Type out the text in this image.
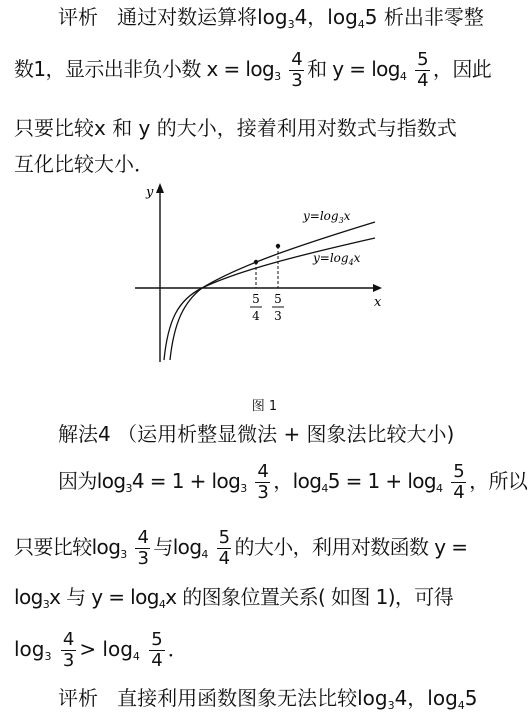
评析 通过对数运算将$\log_34$，$\log_45$ 析出非零整
数1，显示出非负小数 $x = \log_3 \frac{4}{3}$ 和 $y = \log_4 \frac{5}{4}$ ，因此
只要比较x 和 y 的大小，接着利用对数式与指数式
互化比较大小．
y
x
$y=\log_3x$
$y=\log_4x$
5
4
5
3
图 1
解法4 （运用析整显微法 + 图象法比较大小)
因为$\log_34 = 1 + \log_3 \frac{4}{3}$ ，$\log_45 = 1 + \log_4 \frac{5}{4}$ ，所以
只要比较$\log_3 \frac{4}{3}$ 与$\log_4 \frac{5}{4}$ 的大小，利用对数函数 y =
$\log_3x$ 与 $y = \log_4x$ 的图象位置关系( 如图 1)，可得
$\log_3 \frac{4}{3} > \log_4 \frac{5}{4}$ ．
评析 直接利用函数图象无法比较$\log_34$，$\log_45$
